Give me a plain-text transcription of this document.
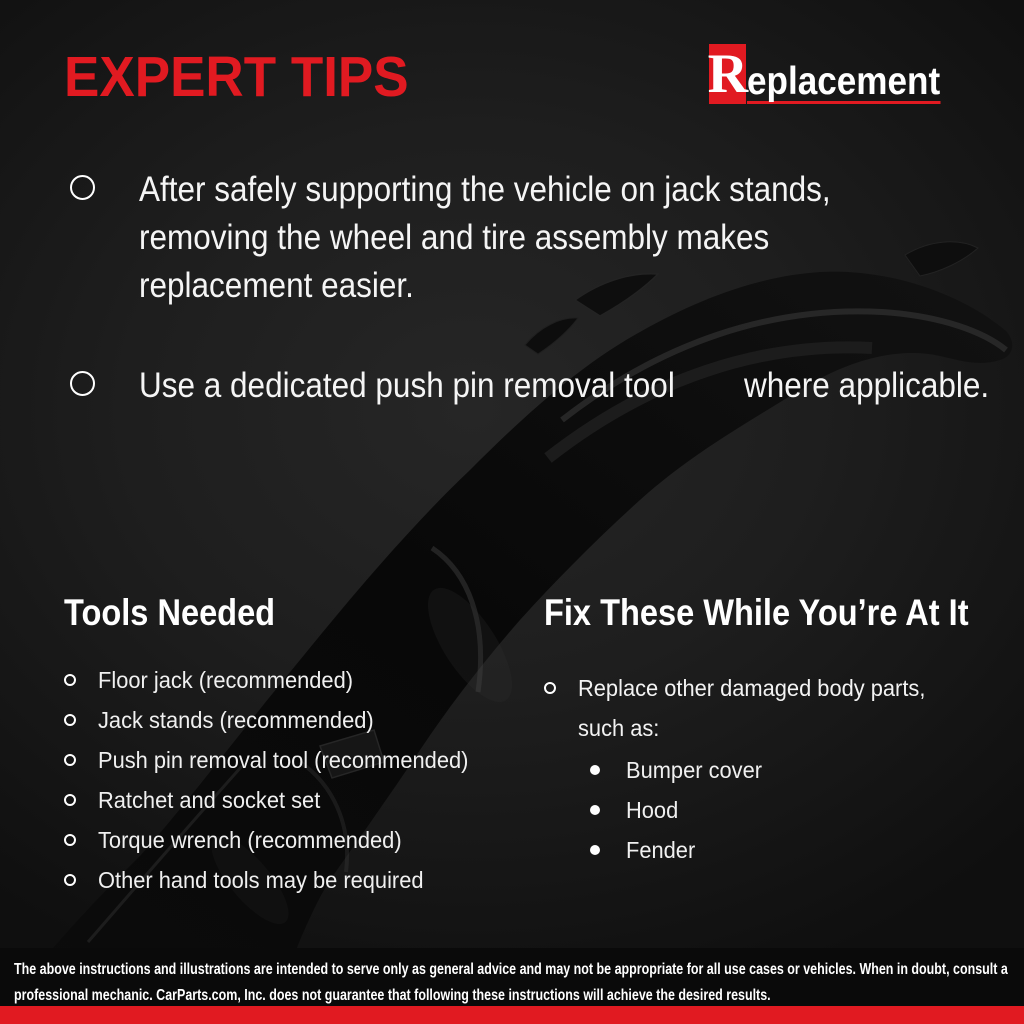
EXPERT TIPS	R eplacement
After safely supporting the vehicle on jack stands, removing the wheel and tire assembly makes replacement easier.
Use a dedicated push pin removal tool where applicable.
Tools Needed
Floor jack (recommended)
Jack stands (recommended)
Push pin removal tool (recommended)
Ratchet and socket set
Torque wrench (recommended)
Other hand tools may be required
Fix These While You’re At It
Replace other damaged body parts, such as:
Bumper cover
Hood
Fender
The above instructions and illustrations are intended to serve only as general advice and may not be appropriate for all use cases or vehicles. When in doubt, consult a
professional mechanic. CarParts.com, Inc. does not guarantee that following these instructions will achieve the desired results.
